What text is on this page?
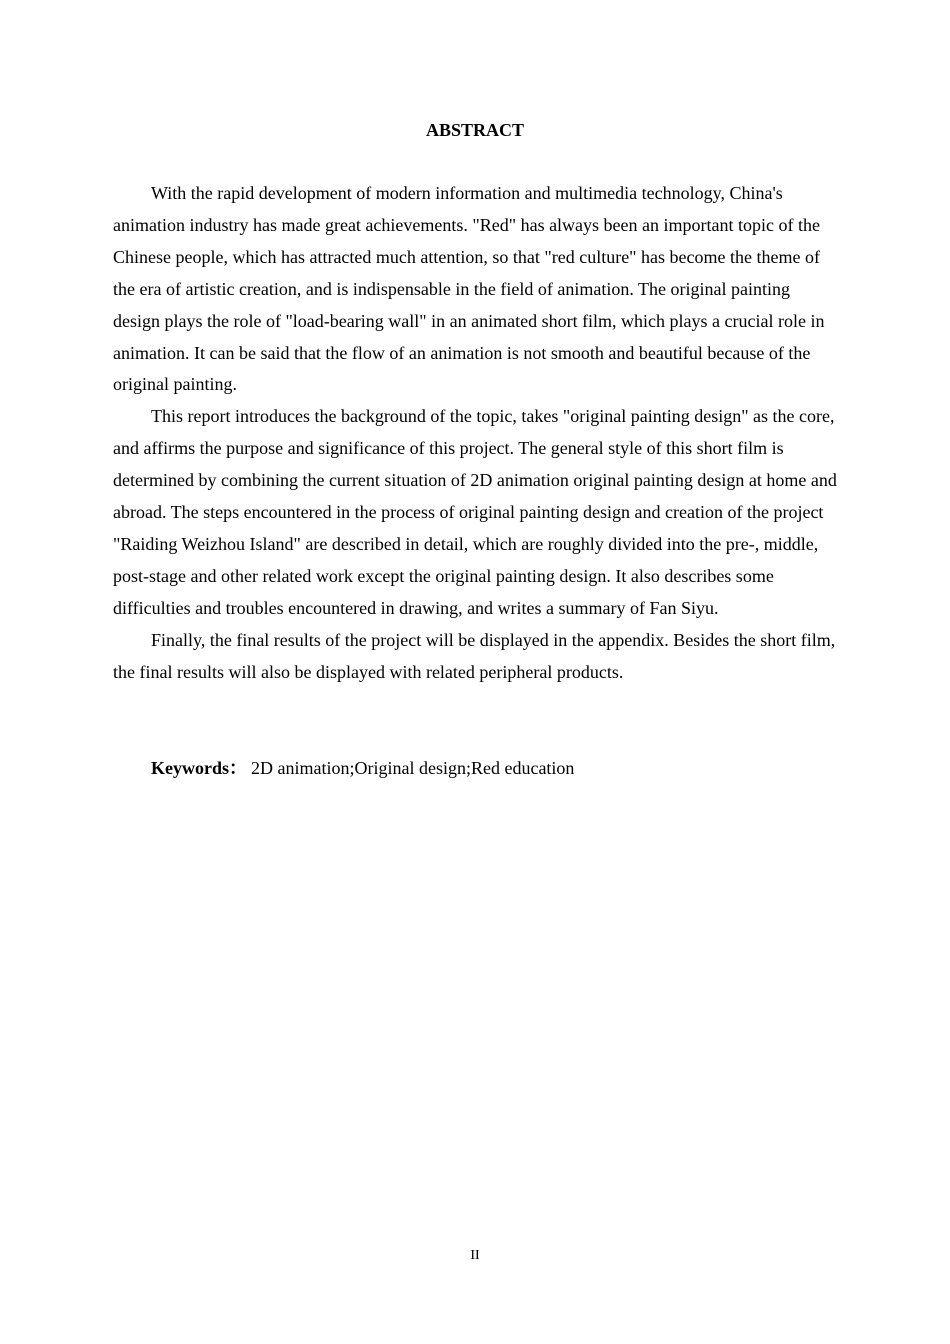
ABSTRACT

With the rapid development of modern information and multimedia technology, China's animation industry has made great achievements. "Red" has always been an important topic of the Chinese people, which has attracted much attention, so that "red culture" has become the theme of the era of artistic creation, and is indispensable in the field of animation. The original painting design plays the role of "load-bearing wall" in an animated short film, which plays a crucial role in animation. It can be said that the flow of an animation is not smooth and beautiful because of the original painting.

This report introduces the background of the topic, takes "original painting design" as the core, and affirms the purpose and significance of this project. The general style of this short film is determined by combining the current situation of 2D animation original painting design at home and abroad. The steps encountered in the process of original painting design and creation of the project "Raiding Weizhou Island" are described in detail, which are roughly divided into the pre-, middle, post-stage and other related work except the original painting design. It also describes some difficulties and troubles encountered in drawing, and writes a summary of Fan Siyu.

Finally, the final results of the project will be displayed in the appendix. Besides the short film, the final results will also be displayed with related peripheral products.

Keywords： 2D animation;Original design;Red education
II
